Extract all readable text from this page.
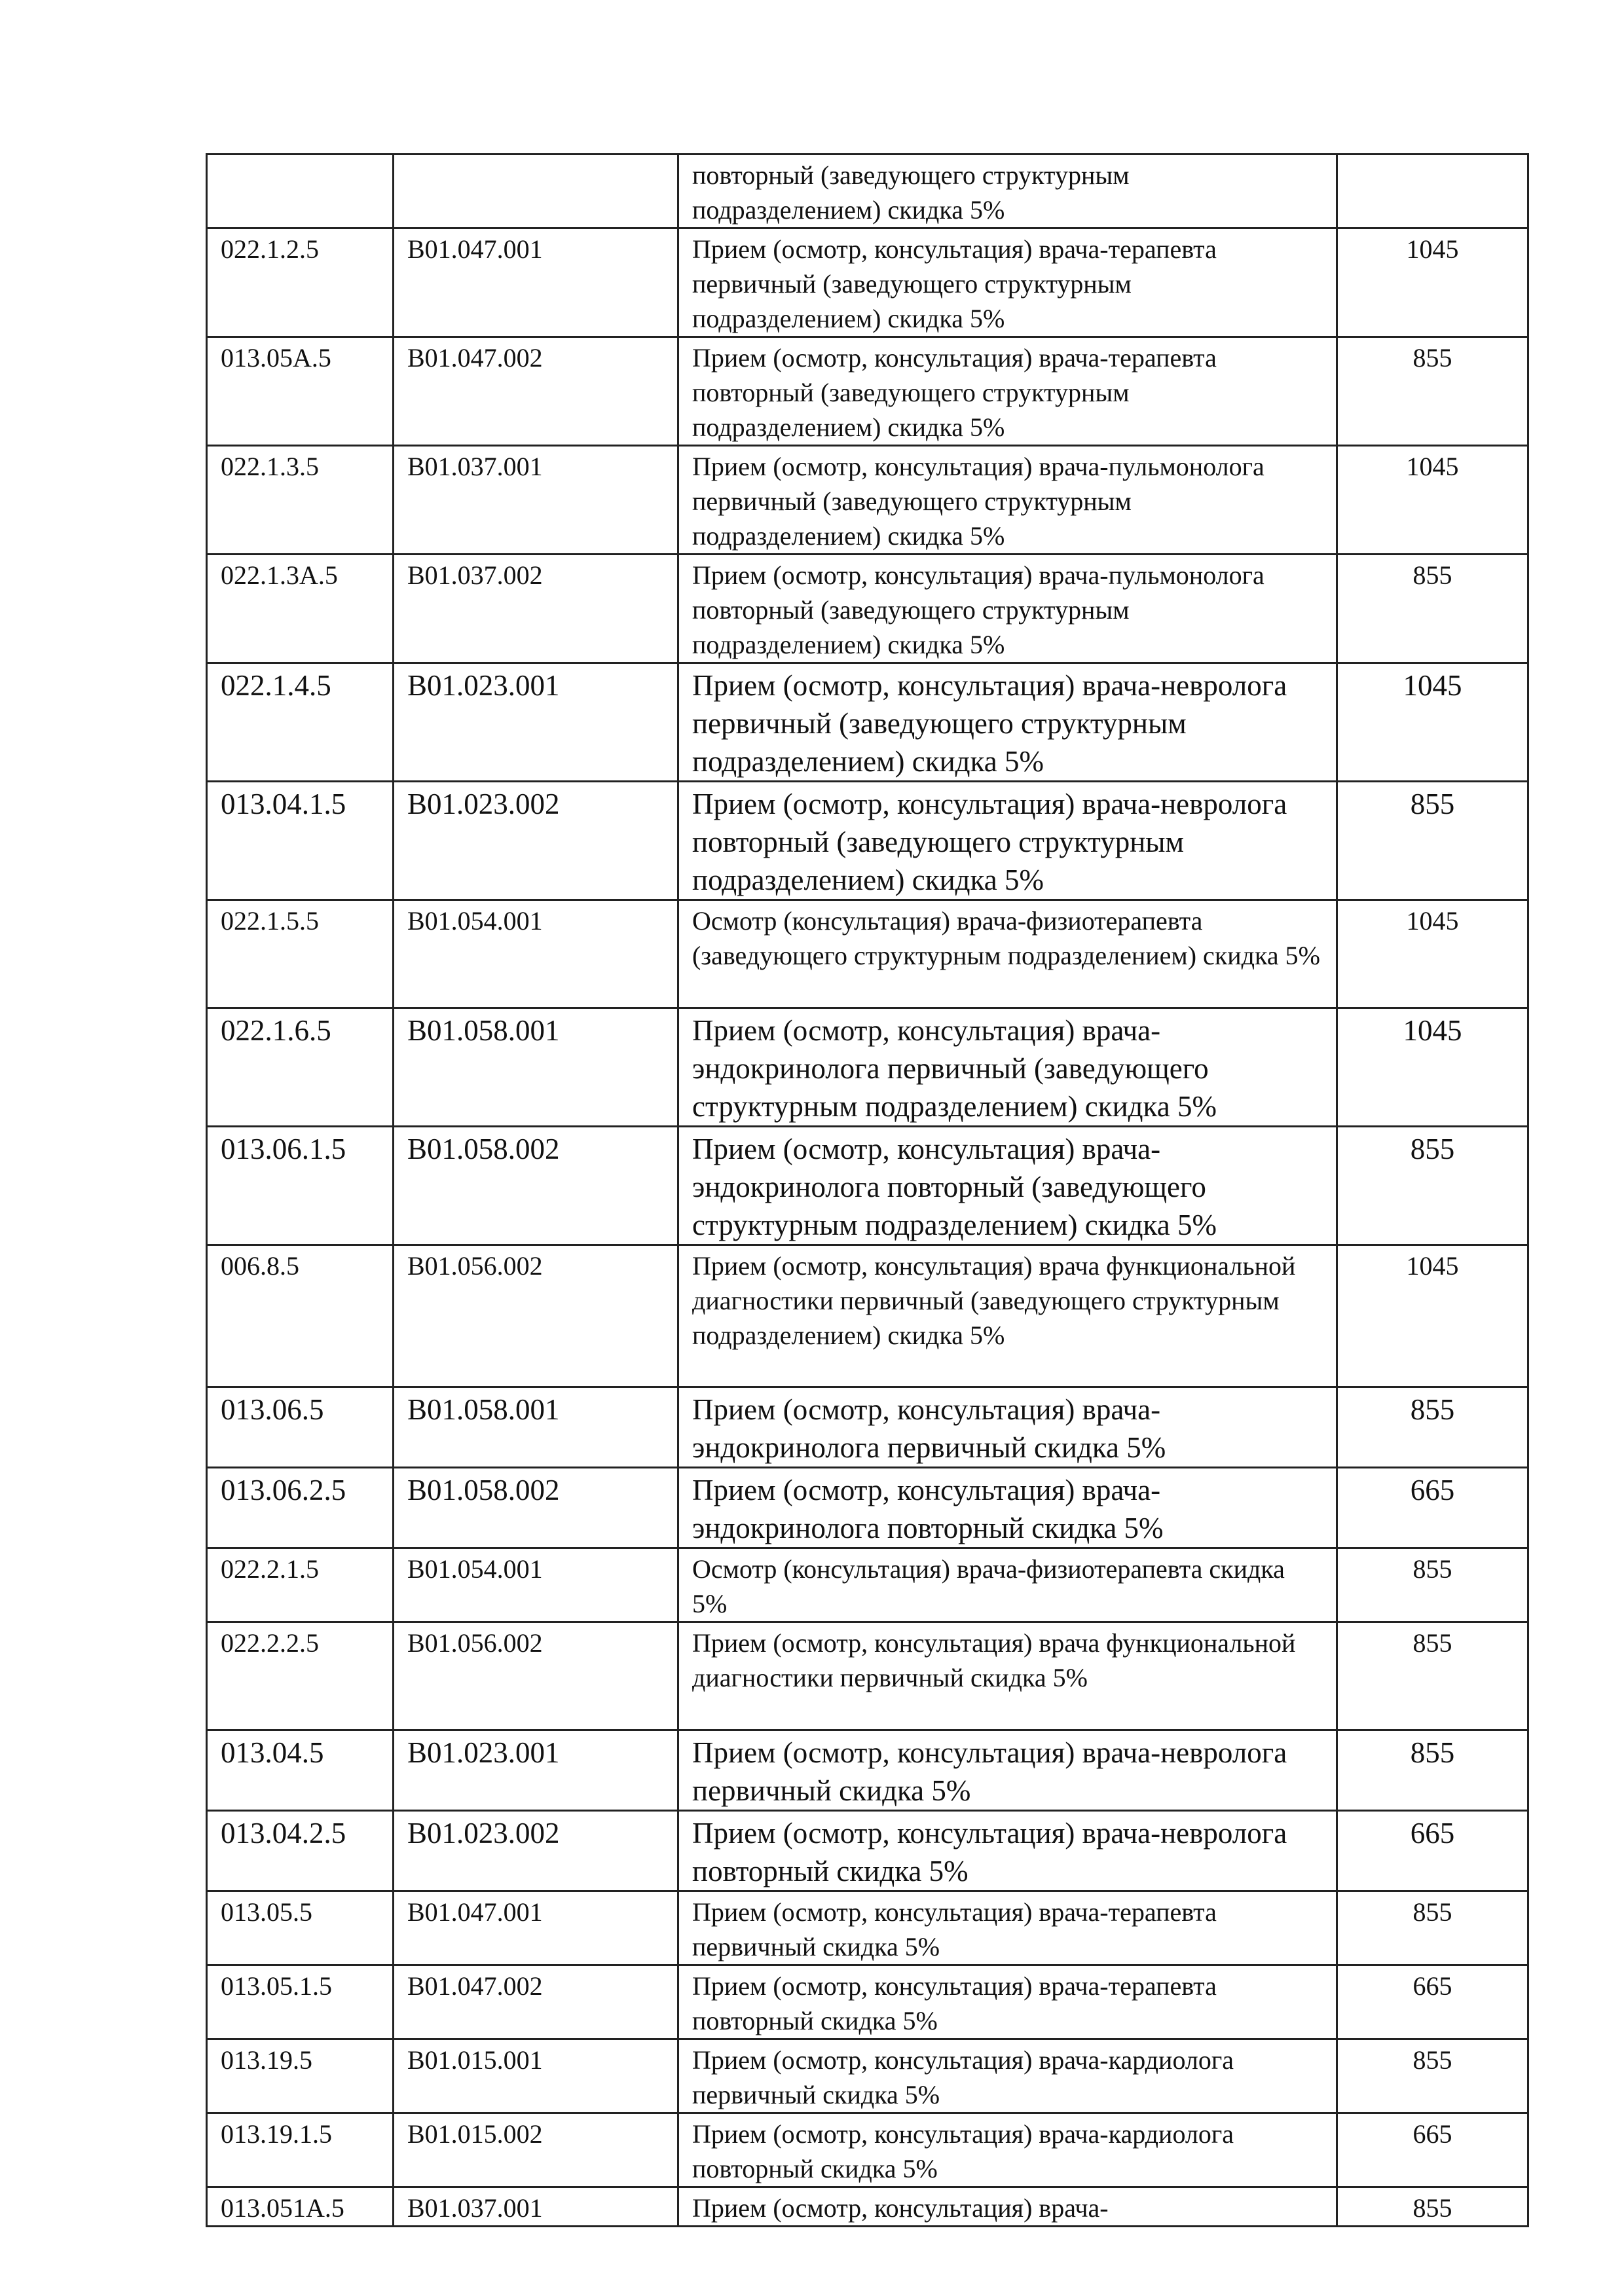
		повторный (заведующего структурным подразделением) скидка 5%	
022.1.2.5	В01.047.001	Прием (осмотр, консультация) врача-терапевта первичный (заведующего структурным подразделением) скидка 5%	1045
013.05А.5	В01.047.002	Прием (осмотр, консультация) врача-терапевта повторный (заведующего структурным подразделением) скидка 5%	855
022.1.3.5	В01.037.001	Прием (осмотр, консультация) врача-пульмонолога первичный (заведующего структурным подразделением) скидка 5%	1045
022.1.3А.5	В01.037.002	Прием (осмотр, консультация) врача-пульмонолога повторный (заведующего структурным подразделением) скидка 5%	855
022.1.4.5	В01.023.001	Прием (осмотр, консультация) врача-невролога первичный (заведующего структурным подразделением) скидка 5%	1045
013.04.1.5	В01.023.002	Прием (осмотр, консультация) врача-невролога повторный (заведующего структурным подразделением) скидка 5%	855
022.1.5.5	В01.054.001	Осмотр (консультация) врача-физиотерапевта (заведующего структурным подразделением) скидка 5%	1045
022.1.6.5	В01.058.001	Прием (осмотр, консультация) врача-эндокринолога первичный (заведующего структурным подразделением) скидка 5%	1045
013.06.1.5	В01.058.002	Прием (осмотр, консультация) врача-эндокринолога повторный (заведующего структурным подразделением) скидка 5%	855
006.8.5	В01.056.002	Прием (осмотр, консультация) врача функциональной диагностики первичный (заведующего структурным подразделением) скидка 5%	1045
013.06.5	В01.058.001	Прием (осмотр, консультация) врача-эндокринолога первичный скидка 5%	855
013.06.2.5	В01.058.002	Прием (осмотр, консультация) врача-эндокринолога повторный скидка 5%	665
022.2.1.5	В01.054.001	Осмотр (консультация) врача-физиотерапевта скидка 5%	855
022.2.2.5	В01.056.002	Прием (осмотр, консультация) врача функциональной диагностики первичный скидка 5%	855
013.04.5	В01.023.001	Прием (осмотр, консультация) врача-невролога первичный скидка 5%	855
013.04.2.5	В01.023.002	Прием (осмотр, консультация) врача-невролога повторный скидка 5%	665
013.05.5	В01.047.001	Прием (осмотр, консультация) врача-терапевта первичный скидка 5%	855
013.05.1.5	В01.047.002	Прием (осмотр, консультация) врача-терапевта повторный скидка 5%	665
013.19.5	В01.015.001	Прием (осмотр, консультация) врача-кардиолога первичный скидка 5%	855
013.19.1.5	В01.015.002	Прием (осмотр, консультация) врача-кардиолога повторный скидка 5%	665
013.051А.5	В01.037.001	Прием (осмотр, консультация) врача-	855
